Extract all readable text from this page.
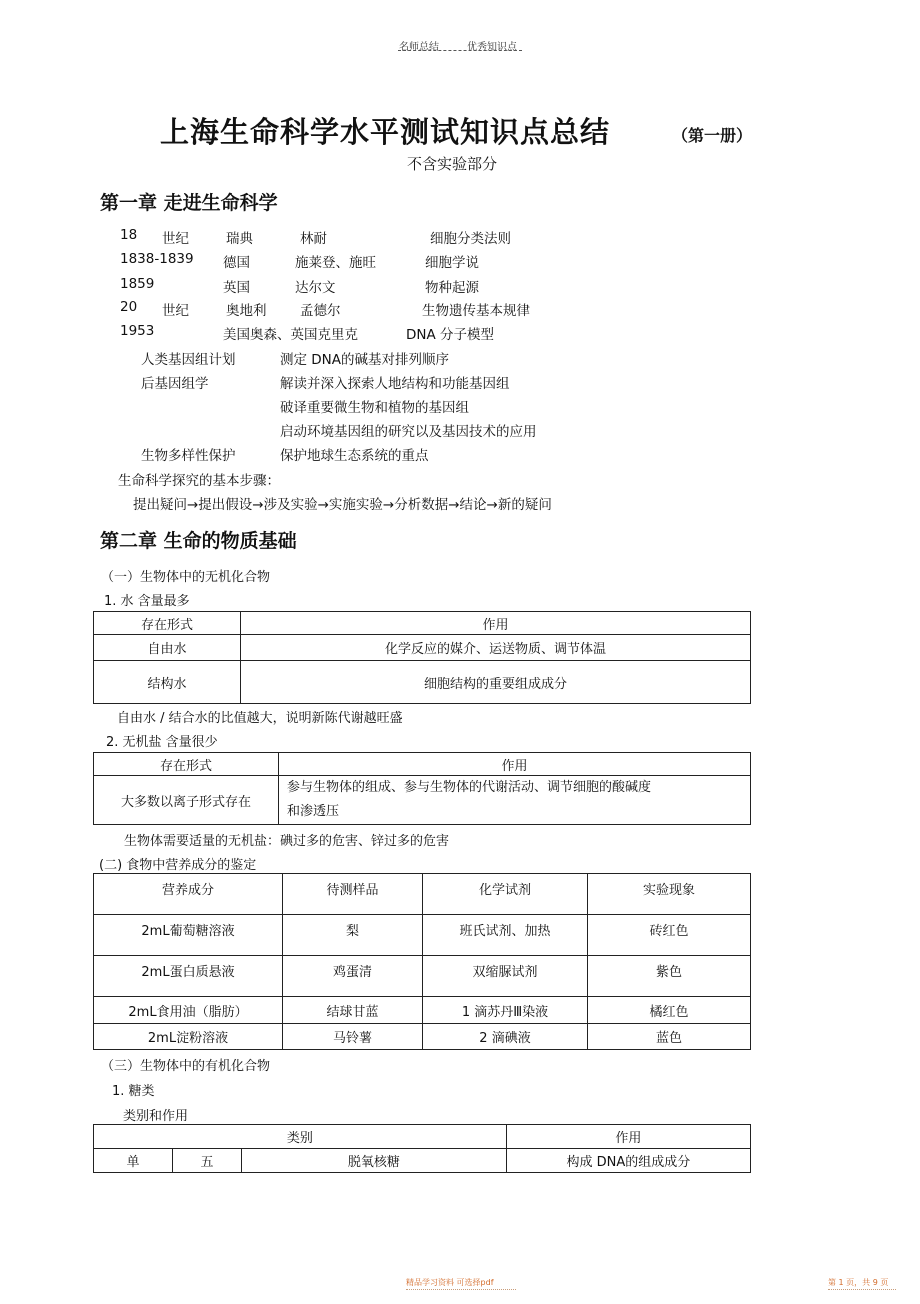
名师总结	优秀知识点
上海生命科学水平测试知识点总结	（第一册）
不含实验部分
第一章 走进生命科学
18 世纪	瑞典	林耐	细胞分类法则
1838-1839 德国	施莱登、施旺	细胞学说
1859	英国	达尔文	物种起源
20 世纪	奥地利 孟德尔	生物遗传基本规律
1953	美国奥森、英国克里克	DNA 分子模型
人类基因组计划	测定 DNA的碱基对排列顺序
后基因组学	解读并深入探索人地结构和功能基因组
破译重要微生物和植物的基因组
启动环境基因组的研究以及基因技术的应用
生物多样性保护	保护地球生态系统的重点
生命科学探究的基本步骤：
提出疑问→提出假设→涉及实验→实施实验→分析数据→结论→新的疑问
第二章 生命的物质基础
（一）生物体中的无机化合物
1. 水 含量最多
存在形式	作用
自由水	化学反应的媒介、运送物质、调节体温
结构水	细胞结构的重要组成成分
自由水 / 结合水的比值越大，说明新陈代谢越旺盛
2. 无机盐 含量很少
存在形式	作用
大多数以离子形式存在	参与生物体的组成、参与生物体的代谢活动、调节细胞的酸碱度
和渗透压
生物体需要适量的无机盐：碘过多的危害、锌过多的危害
(二) 食物中营养成分的鉴定
营养成分	待测样品	化学试剂	实验现象
2mL葡萄糖溶液	梨	班氏试剂、加热	砖红色
2mL蛋白质悬液	鸡蛋清	双缩脲试剂	紫色
2mL食用油（脂肪）	结球甘蓝	1 滴苏丹Ⅲ染液	橘红色
2mL淀粉溶液	马铃薯	2 滴碘液	蓝色
（三）生物体中的有机化合物
1. 糖类
类别和作用
类别			作用
单	五	脱氧核糖	构成 DNA的组成成分
精品学习资料 可选择pdf	第 1 页，共 9 页
